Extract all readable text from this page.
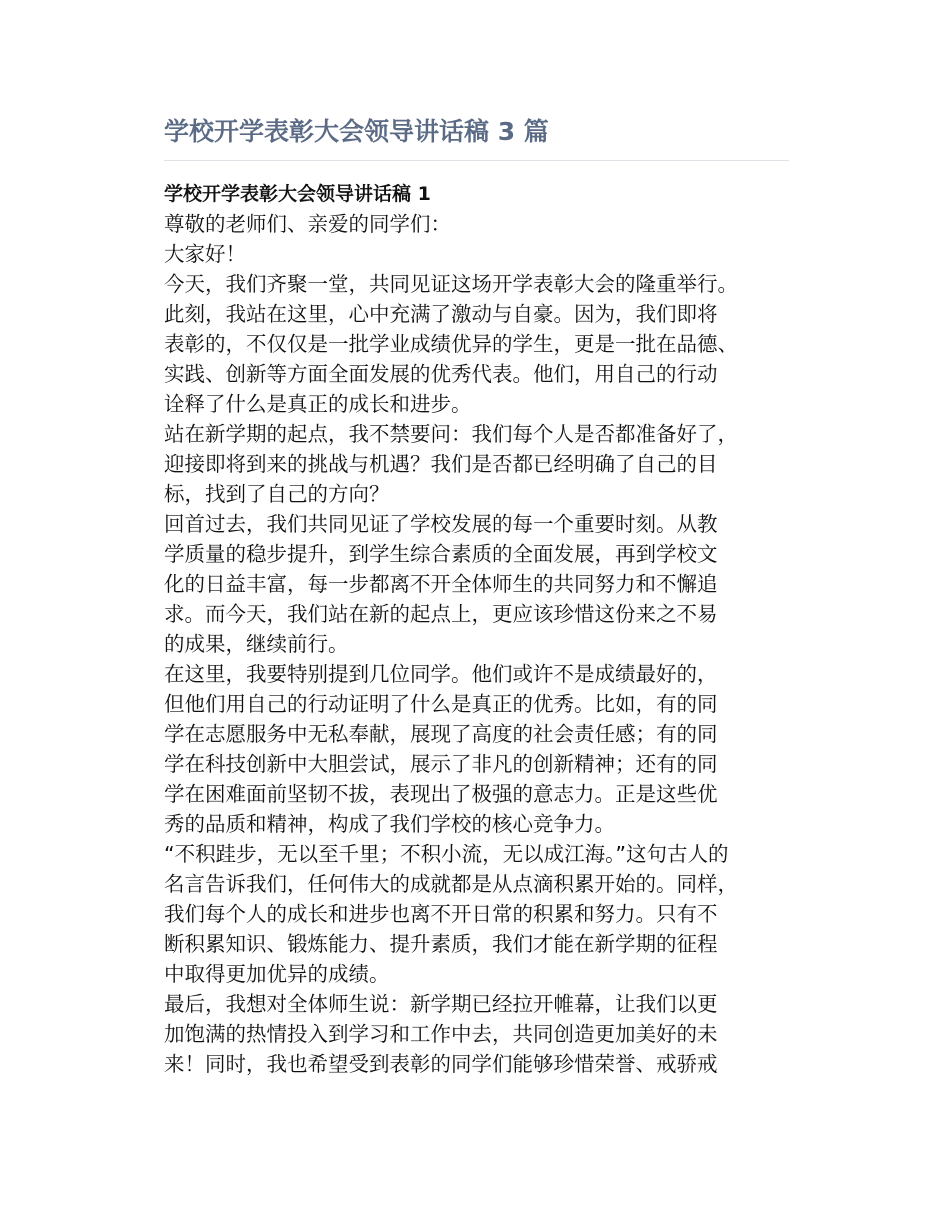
学校开学表彰大会领导讲话稿 3 篇
学校开学表彰大会领导讲话稿 1

尊敬的老师们、亲爱的同学们：

大家好！

今天，我们齐聚一堂，共同见证这场开学表彰大会的隆重举行。
此刻，我站在这里，心中充满了激动与自豪。因为，我们即将
表彰的，不仅仅是一批学业成绩优异的学生，更是一批在品德、
实践、创新等方面全面发展的优秀代表。他们，用自己的行动
诠释了什么是真正的成长和进步。

站在新学期的起点，我不禁要问：我们每个人是否都准备好了，
迎接即将到来的挑战与机遇？我们是否都已经明确了自己的目
标，找到了自己的方向？

回首过去，我们共同见证了学校发展的每一个重要时刻。从教
学质量的稳步提升，到学生综合素质的全面发展，再到学校文
化的日益丰富，每一步都离不开全体师生的共同努力和不懈追
求。而今天，我们站在新的起点上，更应该珍惜这份来之不易
的成果，继续前行。

在这里，我要特别提到几位同学。他们或许不是成绩最好的，
但他们用自己的行动证明了什么是真正的优秀。比如，有的同
学在志愿服务中无私奉献，展现了高度的社会责任感；有的同
学在科技创新中大胆尝试，展示了非凡的创新精神；还有的同
学在困难面前坚韧不拔，表现出了极强的意志力。正是这些优
秀的品质和精神，构成了我们学校的核心竞争力。

“不积跬步，无以至千里；不积小流，无以成江海。”这句古人的
名言告诉我们，任何伟大的成就都是从点滴积累开始的。同样，
我们每个人的成长和进步也离不开日常的积累和努力。只有不
断积累知识、锻炼能力、提升素质，我们才能在新学期的征程
中取得更加优异的成绩。

最后，我想对全体师生说：新学期已经拉开帷幕，让我们以更
加饱满的热情投入到学习和工作中去，共同创造更加美好的未
来！同时，我也希望受到表彰的同学们能够珍惜荣誉、戒骄戒
